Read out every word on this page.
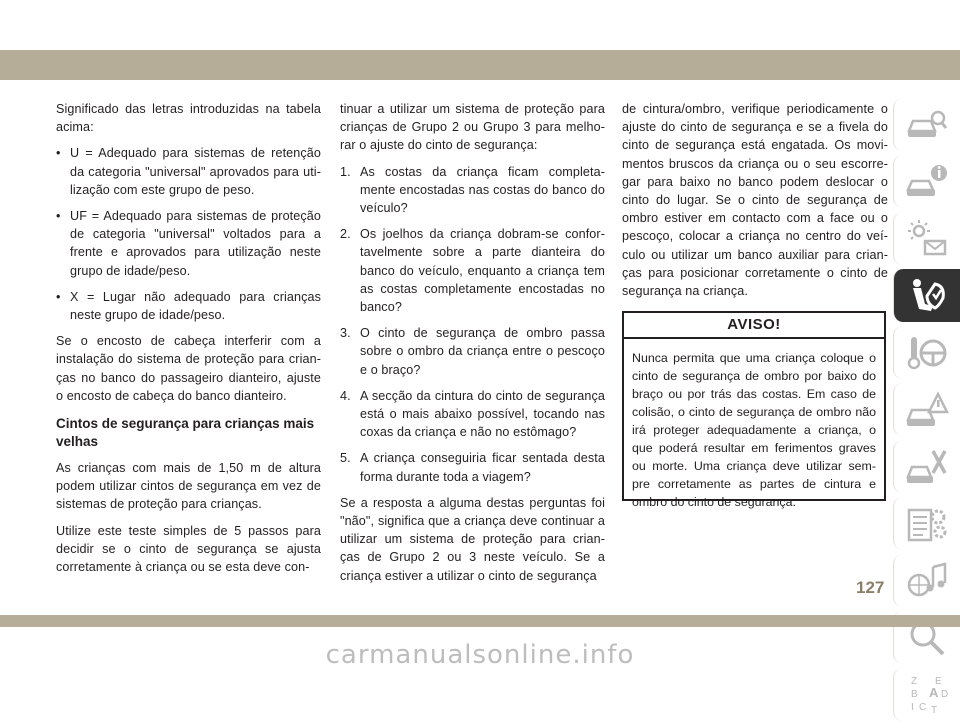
Significado das letras introduzidas na tabela acima:

• U = Adequado para sistemas de retenção da categoria "universal" aprovados para uti- lização com este grupo de peso.
• UF = Adequado para sistemas de proteção de categoria "universal" voltados para a frente e aprovados para utilização neste grupo de idade/peso.
• X = Lugar não adequado para crianças neste grupo de idade/peso.

Se o encosto de cabeça interferir com a instalação do sistema de proteção para crian- ças no banco do passageiro dianteiro, ajuste o encosto de cabeça do banco dianteiro.

Cintos de segurança para crianças mais velhas

As crianças com mais de 1,50 m de altura podem utilizar cintos de segurança em vez de sistemas de proteção para crianças.

Utilize este teste simples de 5 passos para decidir se o cinto de segurança se ajusta corretamente à criança ou se esta deve con-

tinuar a utilizar um sistema de proteção para crianças de Grupo 2 ou Grupo 3 para melho- rar o ajuste do cinto de segurança:

1. As costas da criança ficam completa- mente encostadas nas costas do banco do veículo?
2. Os joelhos da criança dobram-se confor- tavelmente sobre a parte dianteira do banco do veículo, enquanto a criança tem as costas completamente encostadas no banco?
3. O cinto de segurança de ombro passa sobre o ombro da criança entre o pescoço e o braço?
4. A secção da cintura do cinto de segurança está o mais abaixo possível, tocando nas coxas da criança e não no estômago?
5. A criança conseguiria ficar sentada desta forma durante toda a viagem?

Se a resposta a alguma destas perguntas foi "não", significa que a criança deve continuar a utilizar um sistema de proteção para crian- ças de Grupo 2 ou 3 neste veículo. Se a criança estiver a utilizar o cinto de segurança

de cintura/ombro, verifique periodicamente o ajuste do cinto de segurança e se a fivela do cinto de segurança está engatada. Os movi- mentos bruscos da criança ou o seu escorre- gar para baixo no banco podem deslocar o cinto do lugar. Se o cinto de segurança de ombro estiver em contacto com a face ou o pescoço, colocar a criança no centro do veí- culo ou utilizar um banco auxiliar para crian- ças para posicionar corretamente o cinto de segurança na criança.

AVISO!
Nunca permita que uma criança coloque o cinto de segurança de ombro por baixo do braço ou por trás das costas. Em caso de colisão, o cinto de segurança de ombro não irá proteger adequadamente a criança, o que poderá resultar em ferimentos graves ou morte. Uma criança deve utilizar sem- pre corretamente as partes de cintura e ombro do cinto de segurança.
Z E
A
B D
I C T
127
carmanualsonline.info
